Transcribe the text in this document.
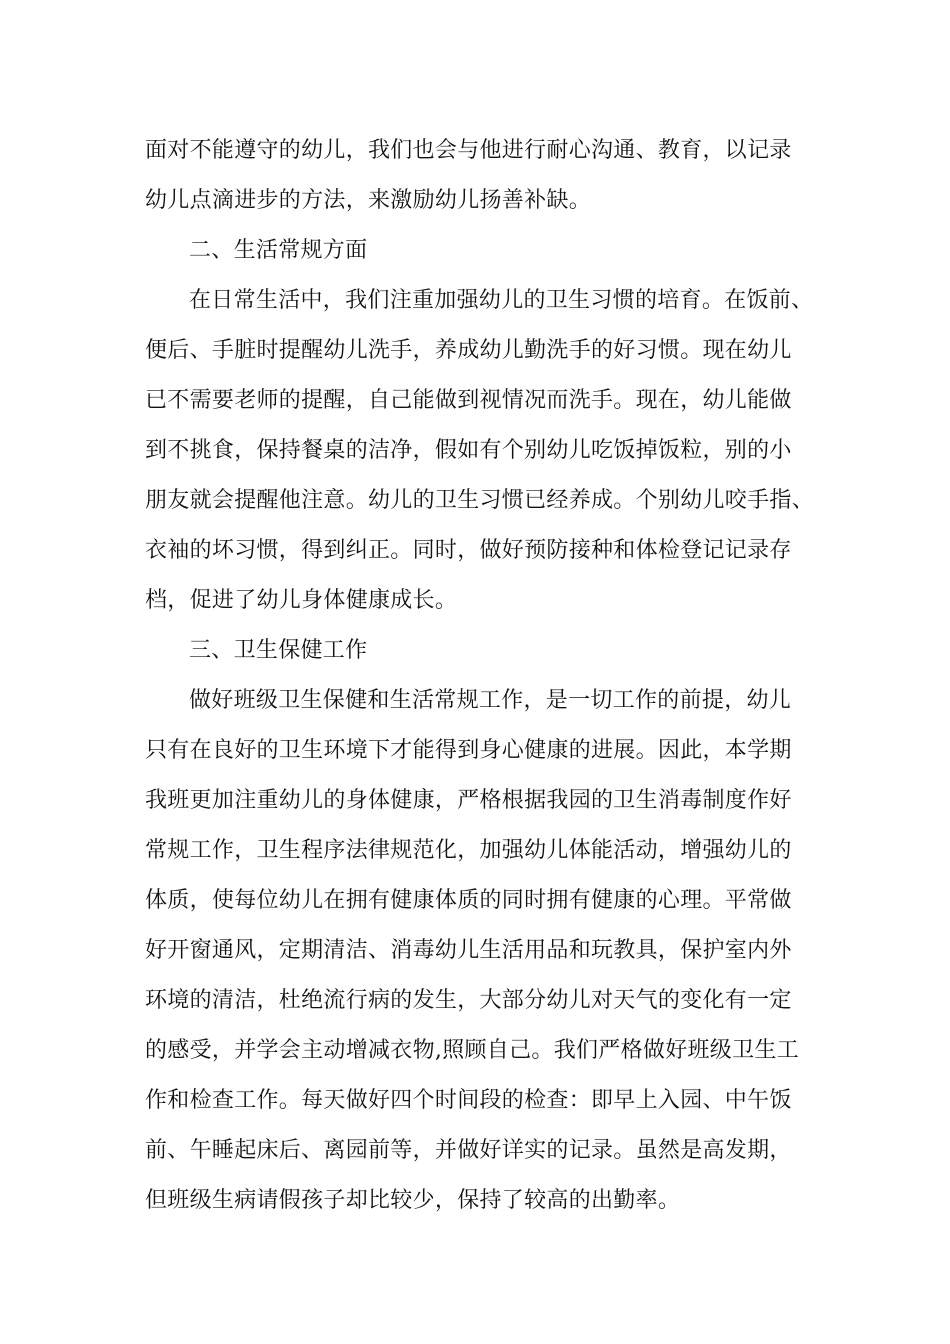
面对不能遵守的幼儿，我们也会与他进行耐心沟通、教育，以记录
幼儿点滴进步的方法，来激励幼儿扬善补缺。
二、生活常规方面
在日常生活中，我们注重加强幼儿的卫生习惯的培育。在饭前、
便后、手脏时提醒幼儿洗手，养成幼儿勤洗手的好习惯。现在幼儿
已不需要老师的提醒，自己能做到视情况而洗手。现在，幼儿能做
到不挑食，保持餐桌的洁净，假如有个别幼儿吃饭掉饭粒，别的小
朋友就会提醒他注意。幼儿的卫生习惯已经养成。个别幼儿咬手指、
衣袖的坏习惯，得到纠正。同时，做好预防接种和体检登记记录存
档，促进了幼儿身体健康成长。
三、卫生保健工作
做好班级卫生保健和生活常规工作，是一切工作的前提，幼儿
只有在良好的卫生环境下才能得到身心健康的进展。因此，本学期
我班更加注重幼儿的身体健康，严格根据我园的卫生消毒制度作好
常规工作，卫生程序法律规范化，加强幼儿体能活动，增强幼儿的
体质，使每位幼儿在拥有健康体质的同时拥有健康的心理。平常做
好开窗通风，定期清洁、消毒幼儿生活用品和玩教具，保护室内外
环境的清洁，杜绝流行病的发生，大部分幼儿对天气的变化有一定
的感受，并学会主动增减衣物,照顾自己。我们严格做好班级卫生工
作和检查工作。每天做好四个时间段的检查：即早上入园、中午饭
前、午睡起床后、离园前等，并做好详实的记录。虽然是高发期，
但班级生病请假孩子却比较少，保持了较高的出勤率。
